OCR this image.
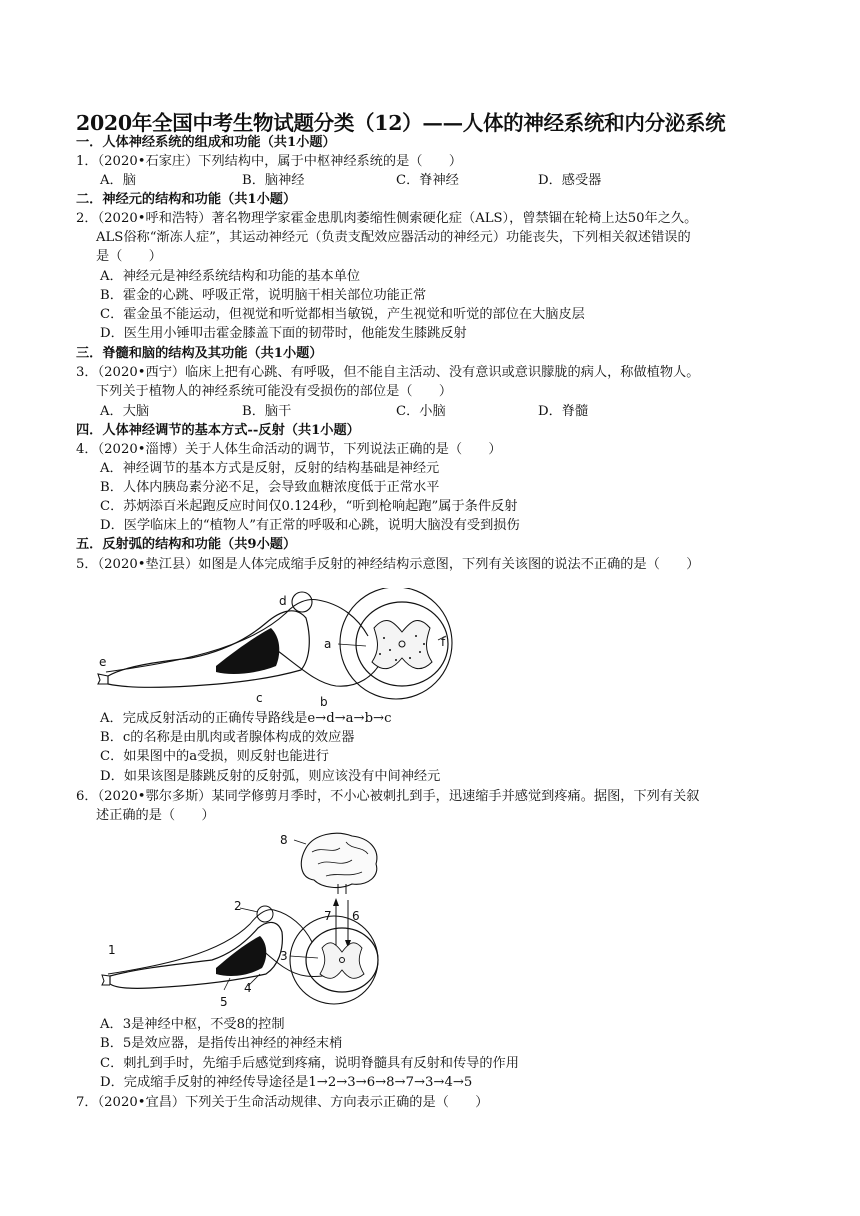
2020年全国中考生物试题分类（12）——人体的神经系统和内分泌系统
一．人体神经系统的组成和功能（共1小题）
1．（2020•石家庄）下列结构中，属于中枢神经系统的是（　　）
A．脑	B．脑神经	C．脊神经	D．感受器
二．神经元的结构和功能（共1小题）
2．（2020•呼和浩特）著名物理学家霍金患肌肉萎缩性侧索硬化症（ALS），曾禁锢在轮椅上达50年之久。
ALS俗称“渐冻人症”，其运动神经元（负责支配效应器活动的神经元）功能丧失，下列相关叙述错误的
是（　　）
A．神经元是神经系统结构和功能的基本单位
B．霍金的心跳、呼吸正常，说明脑干相关部位功能正常
C．霍金虽不能运动，但视觉和听觉都相当敏锐，产生视觉和听觉的部位在大脑皮层
D．医生用小锤叩击霍金膝盖下面的韧带时，他能发生膝跳反射
三．脊髓和脑的结构及其功能（共1小题）
3．（2020•西宁）临床上把有心跳、有呼吸，但不能自主活动、没有意识或意识朦胧的病人，称做植物人。
下列关于植物人的神经系统可能没有受损伤的部位是（　　）
A．大脑	B．脑干	C．小脑	D．脊髓
四．人体神经调节的基本方式--反射（共1小题）
4．（2020•淄博）关于人体生命活动的调节，下列说法正确的是（　　）
A．神经调节的基本方式是反射，反射的结构基础是神经元
B．人体内胰岛素分泌不足，会导致血糖浓度低于正常水平
C．苏炳添百米起跑反应时间仅0.124秒，“听到枪响起跑”属于条件反射
D．医学临床上的“植物人”有正常的呼吸和心跳，说明大脑没有受到损伤
五．反射弧的结构和功能（共9小题）
5．（2020•垫江县）如图是人体完成缩手反射的神经结构示意图，下列有关该图的说法不正确的是（　　）
d
a	f
e
c	b
A．完成反射活动的正确传导路线是e→d→a→b→c
B．c的名称是由肌肉或者腺体构成的效应器
C．如果图中的a受损，则反射也能进行
D．如果该图是膝跳反射的反射弧，则应该没有中间神经元
6．（2020•鄂尔多斯）某同学修剪月季时，不小心被刺扎到手，迅速缩手并感觉到疼痛。据图，下列有关叙
述正确的是（　　）
8
7 6
2
3
1
5
4
A．3是神经中枢，不受8的控制
B．5是效应器，是指传出神经的神经末梢
C．刺扎到手时，先缩手后感觉到疼痛，说明脊髓具有反射和传导的作用
D．完成缩手反射的神经传导途径是1→2→3→6→8→7→3→4→5
7．（2020•宜昌）下列关于生命活动规律、方向表示正确的是（　　）
